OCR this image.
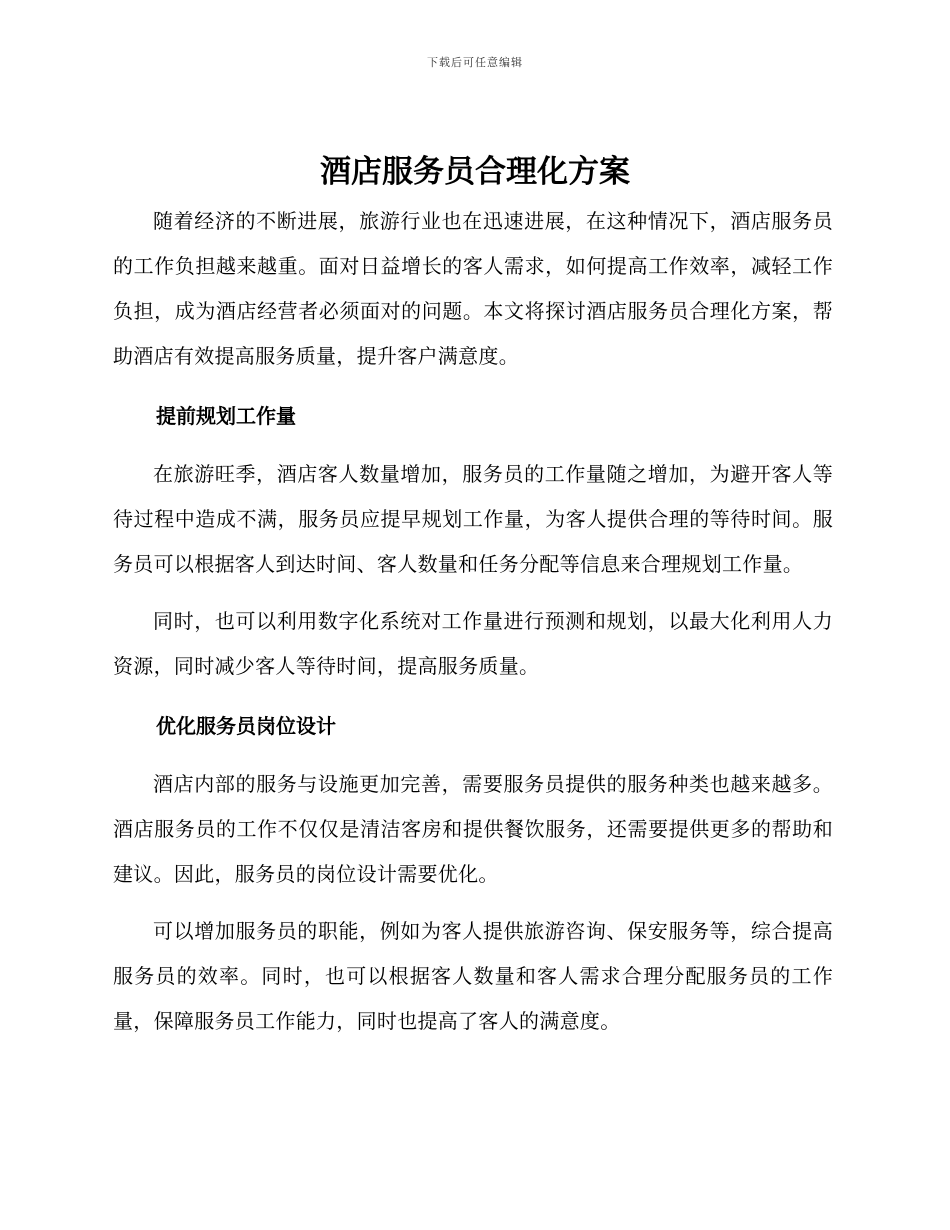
下载后可任意编辑
酒店服务员合理化方案

随着经济的不断进展，旅游行业也在迅速进展，在这种情况下，酒店服务员的工作负担越来越重。面对日益增长的客人需求，如何提高工作效率，减轻工作负担，成为酒店经营者必须面对的问题。本文将探讨酒店服务员合理化方案，帮助酒店有效提高服务质量，提升客户满意度。

提前规划工作量

在旅游旺季，酒店客人数量增加，服务员的工作量随之增加，为避开客人等待过程中造成不满，服务员应提早规划工作量，为客人提供合理的等待时间。服务员可以根据客人到达时间、客人数量和任务分配等信息来合理规划工作量。

同时，也可以利用数字化系统对工作量进行预测和规划，以最大化利用人力资源，同时减少客人等待时间，提高服务质量。

优化服务员岗位设计

酒店内部的服务与设施更加完善，需要服务员提供的服务种类也越来越多。酒店服务员的工作不仅仅是清洁客房和提供餐饮服务，还需要提供更多的帮助和建议。因此，服务员的岗位设计需要优化。

可以增加服务员的职能，例如为客人提供旅游咨询、保安服务等，综合提高服务员的效率。同时，也可以根据客人数量和客人需求合理分配服务员的工作量，保障服务员工作能力，同时也提高了客人的满意度。
